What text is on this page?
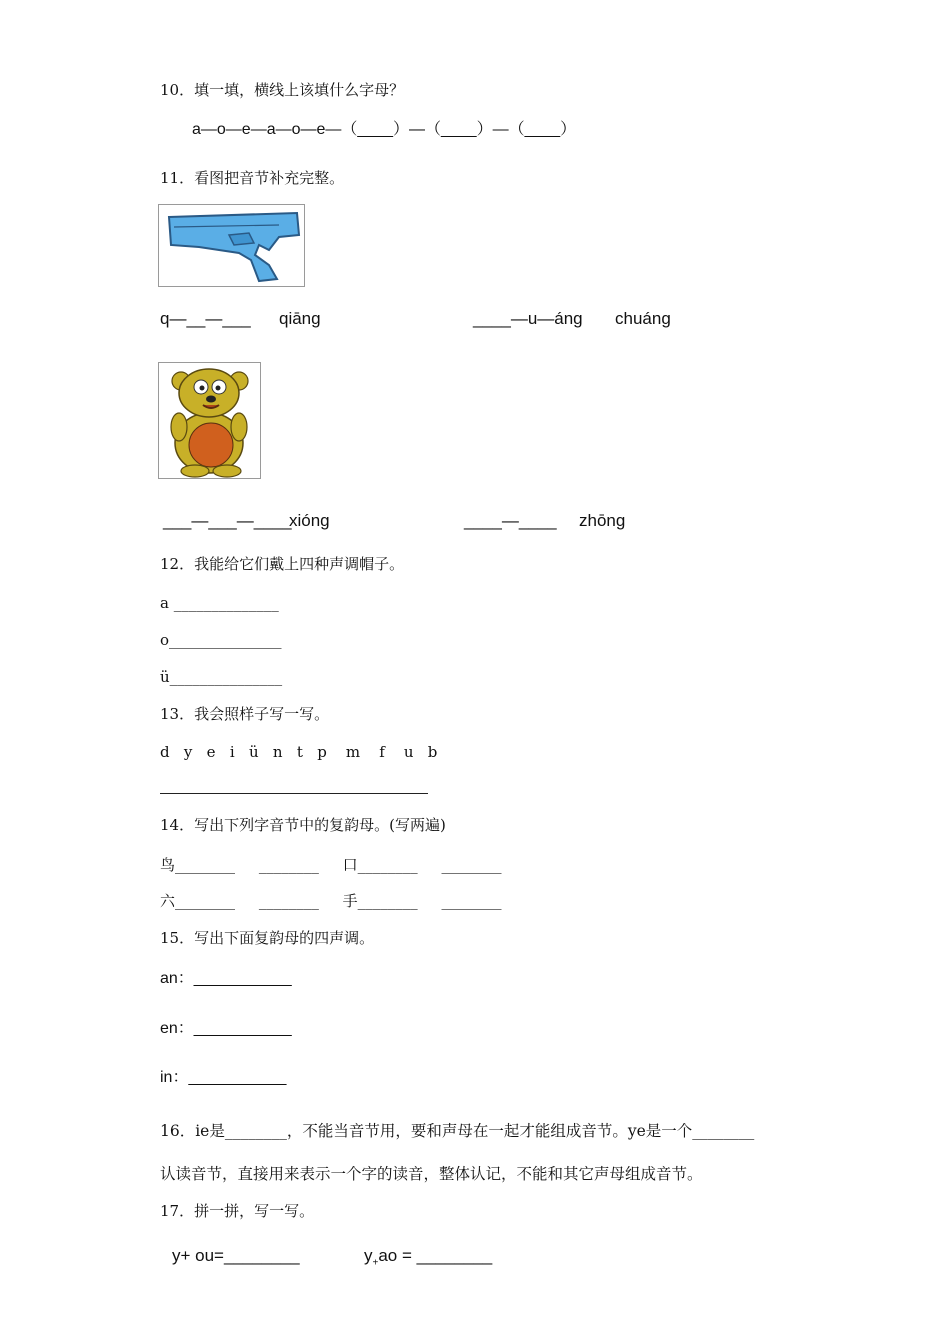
10．填一填，横线上该填什么字母？
a—o—e—a—o—e—（____）—（____）—（____）
11．看图把音节补充完整。
q—__—___ qiāng	____—u—áng chuáng
___—___—____
xióng	____—____ zhōng
12．我能给它们戴上四种声调帽子。
a ______________
o_______________
ü_______________
13．我会照样子写一写。
d   y   e   i   ü   n   t   p    m    f    u   b
14．写出下列字音节中的复韵母。(写两遍)
鸟________     ________     口________     ________
六________     ________     手________     ________
15．写出下面复韵母的四声调。
an：___________
en：___________
in：___________
16．ie是________，不能当音节用，要和声母在一起才能组成音节。ye是一个________
认读音节，直接用来表示一个字的读音，整体认记，不能和其它声母组成音节。
17．拼一拼，写一写。
y+ ou=________	$y_+ao$ = ________
